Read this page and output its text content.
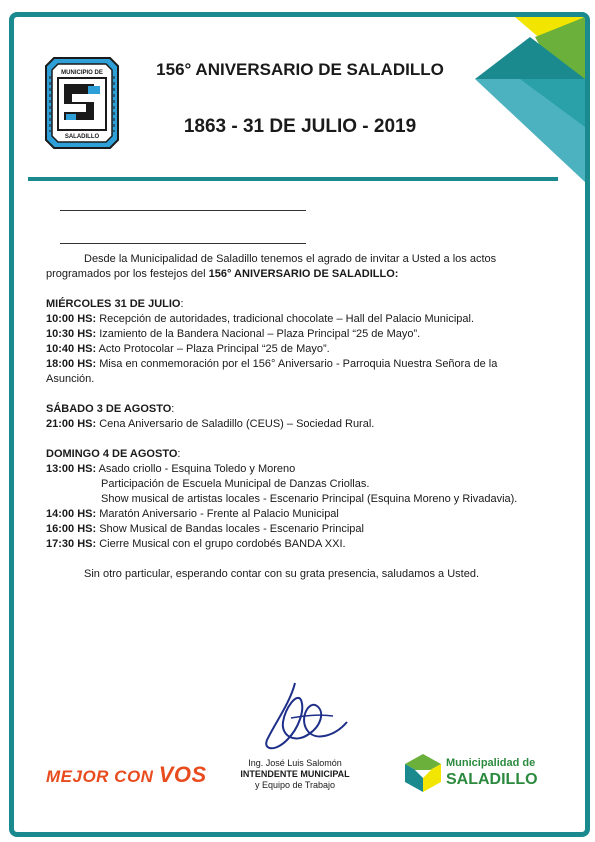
MUNICIPIO DE
SALADILLO
156° ANIVERSARIO DE SALADILLO
1863 - 31 DE JULIO - 2019

Desde la Municipalidad de Saladillo tenemos el agrado de invitar a Usted a los actos programados por los festejos del 156° ANIVERSARIO DE SALADILLO:

MIÉRCOLES 31 DE JULIO:

10:00 HS: Recepción de autoridades, tradicional chocolate – Hall del Palacio Municipal.

10:30 HS: Izamiento de la Bandera Nacional – Plaza Principal “25 de Mayo”.

10:40 HS: Acto Protocolar – Plaza Principal “25 de Mayo”.

18:00 HS: Misa en conmemoración por el 156° Aniversario - Parroquia Nuestra Señora de la Asunción.

SÁBADO 3 DE AGOSTO:

21:00 HS: Cena Aniversario de Saladillo (CEUS) – Sociedad Rural.

DOMINGO 4 DE AGOSTO:

13:00 HS: Asado criollo - Esquina Toledo y Moreno

Participación de Escuela Municipal de Danzas Criollas.

Show musical de artistas locales - Escenario Principal (Esquina Moreno y Rivadavia).

14:00 HS: Maratón Aniversario - Frente al Palacio Municipal

16:00 HS: Show Musical de Bandas locales - Escenario Principal

17:30 HS: Cierre Musical con el grupo cordobés BANDA XXI.

Sin otro particular, esperando contar con su grata presencia, saludamos a Usted.

Ing. José Luis Salomón
INTENDENTE MUNICIPAL
y Equipo de Trabajo
MEJOR CON VOS	Municipalidad de
SALADILLO
